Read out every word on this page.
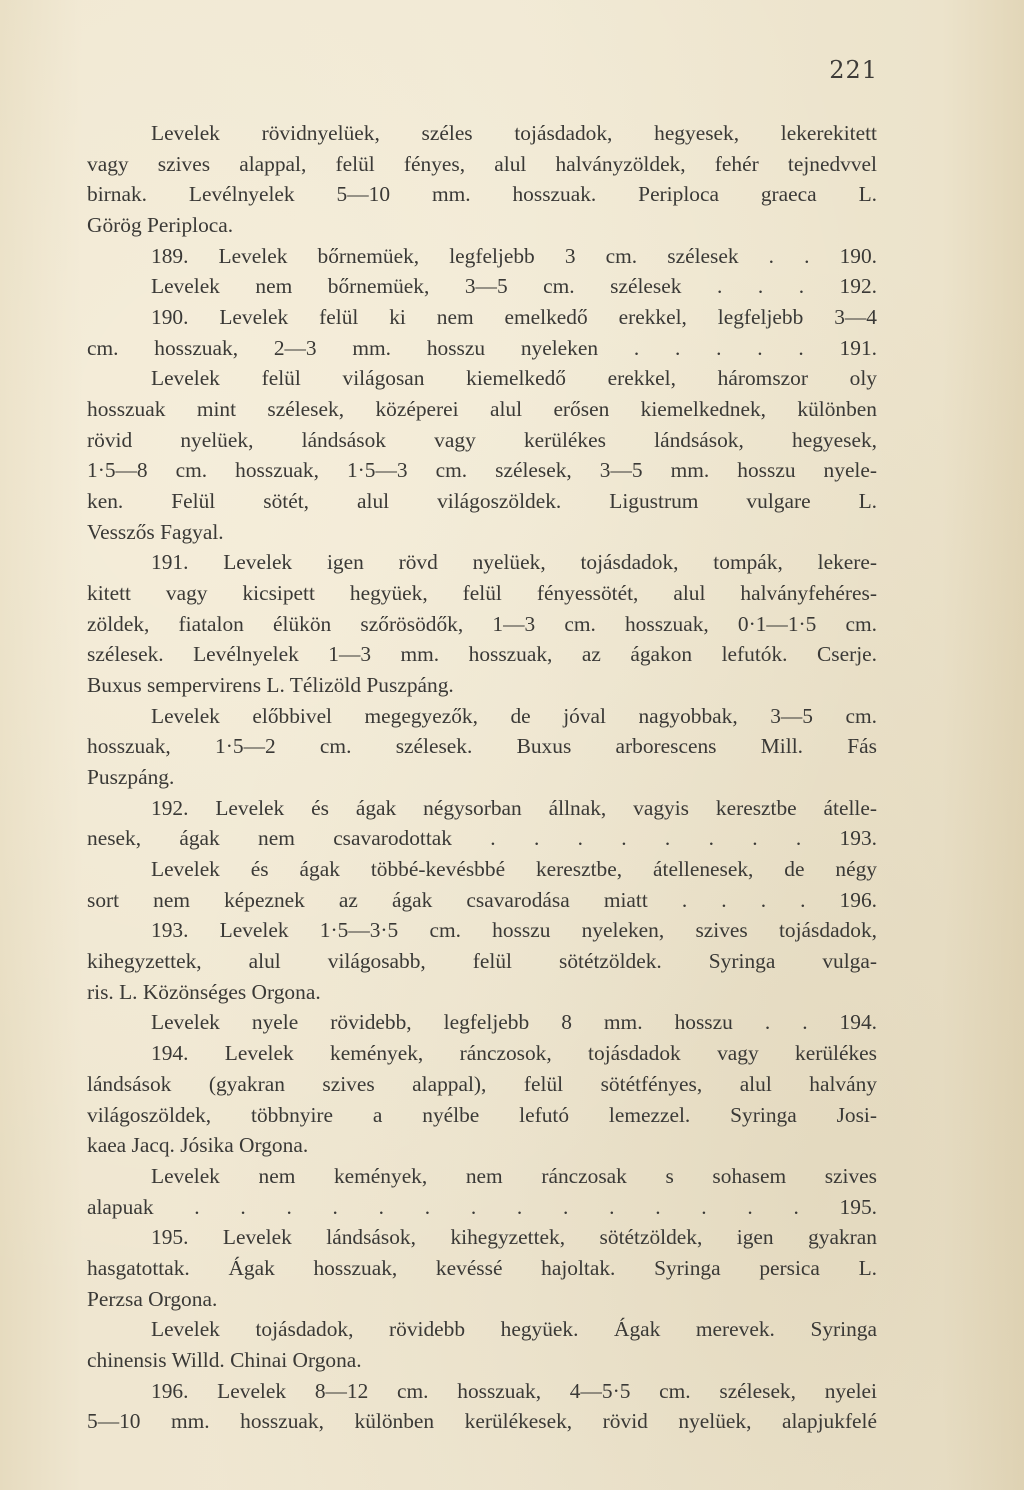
221
Levelek rövidnyelüek, széles tojásdadok, hegyesek, lekerekitett
vagy szives alappal, felül fényes, alul halványzöldek, fehér tejnedvvel
birnak. Levélnyelek 5—10 mm. hosszuak. Periploca graeca L.
Görög Periploca.
189. Levelek bőrnemüek, legfeljebb 3 cm. szélesek . . 190.
Levelek nem bőrnemüek, 3—5 cm. szélesek . . . 192.
190. Levelek felül ki nem emelkedő erekkel, legfeljebb 3—4
cm. hosszuak, 2—3 mm. hosszu nyeleken . . . . . 191.
Levelek felül világosan kiemelkedő erekkel, háromszor oly
hosszuak mint szélesek, középerei alul erősen kiemelkednek, különben
rövid nyelüek, lándsások vagy kerülékes lándsások, hegyesek,
1·5—8 cm. hosszuak, 1·5—3 cm. szélesek, 3—5 mm. hosszu nyele-
ken. Felül sötét, alul világoszöldek. Ligustrum vulgare L.
Vesszős Fagyal.
191. Levelek igen rövd nyelüek, tojásdadok, tompák, lekere-
kitett vagy kicsipett hegyüek, felül fényessötét, alul halványfehéres-
zöldek, fiatalon élükön szőrösödők, 1—3 cm. hosszuak, 0·1—1·5 cm.
szélesek. Levélnyelek 1—3 mm. hosszuak, az ágakon lefutók. Cserje.
Buxus sempervirens L. Télizöld Puszpáng.
Levelek előbbivel megegyezők, de jóval nagyobbak, 3—5 cm.
hosszuak, 1·5—2 cm. szélesek. Buxus arborescens Mill. Fás
Puszpáng.
192. Levelek és ágak négysorban állnak, vagyis keresztbe átelle-
nesek, ágak nem csavarodottak . . . . . . . . 193.
Levelek és ágak többé-kevésbbé keresztbe, átellenesek, de négy
sort nem képeznek az ágak csavarodása miatt . . . . 196.
193. Levelek 1·5—3·5 cm. hosszu nyeleken, szives tojásdadok,
kihegyzettek, alul világosabb, felül sötétzöldek. Syringa vulga-
ris. L. Közönséges Orgona.
Levelek nyele rövidebb, legfeljebb 8 mm. hosszu . . 194.
194. Levelek kemények, ránczosok, tojásdadok vagy kerülékes
lándsások (gyakran szives alappal), felül sötétfényes, alul halvány
világoszöldek, többnyire a nyélbe lefutó lemezzel. Syringa Josi-
kaea Jacq. Jósika Orgona.
Levelek nem kemények, nem ránczosak s sohasem szives
alapuak . . . . . . . . . . . . . . 195.
195. Levelek lándsások, kihegyzettek, sötétzöldek, igen gyakran
hasgatottak. Ágak hosszuak, kevéssé hajoltak. Syringa persica L.
Perzsa Orgona.
Levelek tojásdadok, rövidebb hegyüek. Ágak merevek. Syringa
chinensis Willd. Chinai Orgona.
196. Levelek 8—12 cm. hosszuak, 4—5·5 cm. szélesek, nyelei
5—10 mm. hosszuak, különben kerülékesek, rövid nyelüek, alapjukfelé
